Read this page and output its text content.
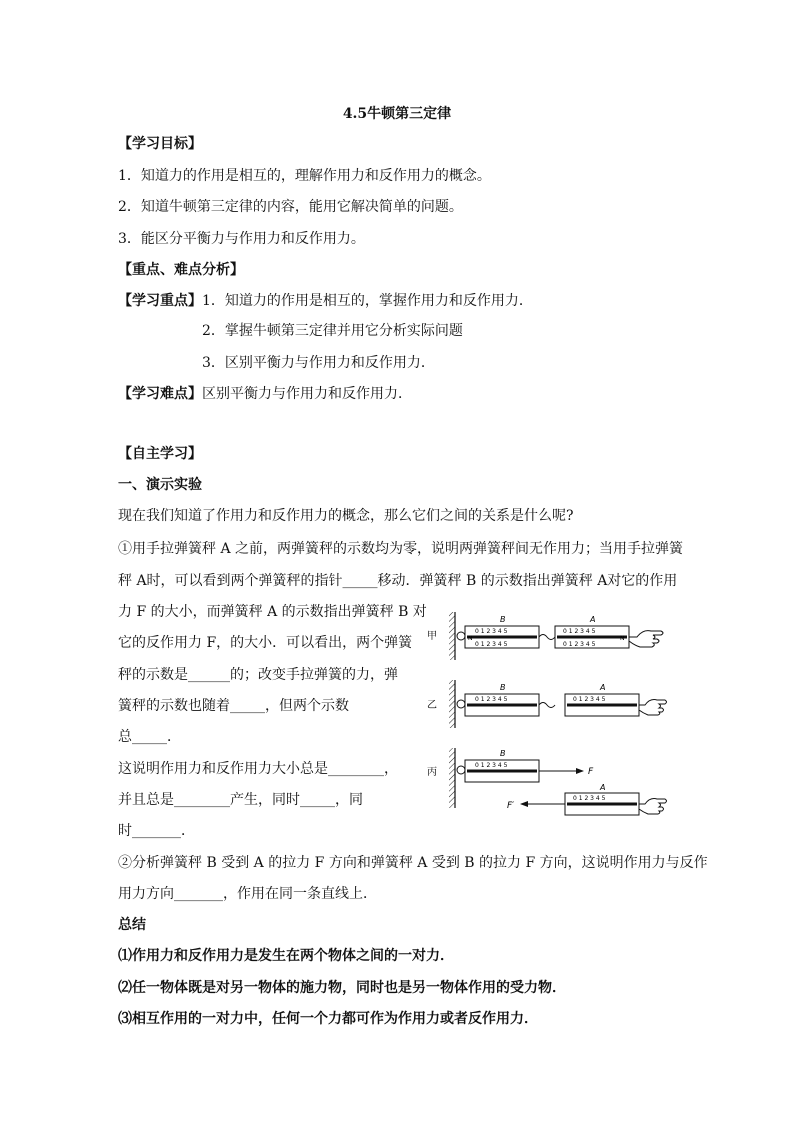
4.5牛顿第三定律
【学习目标】
1．知道力的作用是相互的，理解作用力和反作用力的概念。
2．知道牛顿第三定律的内容，能用它解决简单的问题。
3．能区分平衡力与作用力和反作用力。
【重点、难点分析】
【学习重点】 1．知道力的作用是相互的，掌握作用力和反作用力．
2．掌握牛顿第三定律并用它分析实际问题
3．区别平衡力与作用力和反作用力．
【学习难点】 区别平衡力与作用力和反作用力．
【自主学习】
一、演示实验
现在我们知道了作用力和反作用力的概念，那么它们之间的关系是什么呢?
①用手拉弹簧秤 A 之前，两弹簧秤的示数均为零，说明两弹簧秤间无作用力；当用手拉弹簧
秤 A时，可以看到两个弹簧秤的指针_____移动．弹簧秤 B 的示数指出弹簧秤 A对它的作用
力 F 的大小，而弹簧秤 A 的示数指出弹簧秤 B 对
它的反作用力 F，的大小．可以看出，两个弹簧
秤的示数是______的；改变手拉弹簧的力，弹
簧秤的示数也随着_____，但两个示数
总_____．
这说明作用力和反作用力大小总是________，
并且总是________产生，同时_____，同
时_______．
②分析弹簧秤 B 受到 A 的拉力 F 方向和弹簧秤 A 受到 B 的拉力 F 方向，这说明作用力与反作
用力方向_______，作用在同一条直线上．
总结
⑴作用力和反作用力是发生在两个物体之间的一对力．
⑵任一物体既是对另一物体的施力物，同时也是另一物体作用的受力物．
⑶相互作用的一对力中，任何一个力都可作为作用力或者反作用力．
甲
B
0 1 2 3 4 5
0 1 2 3 4 5
N
A
0 1 2 3 4 5
0 1 2 3 4 5
N
乙
B
0 1 2 3 4 5
A
0 1 2 3 4 5
丙
B
0 1 2 3 4 5
F
F′
A
0 1 2 3 4 5
